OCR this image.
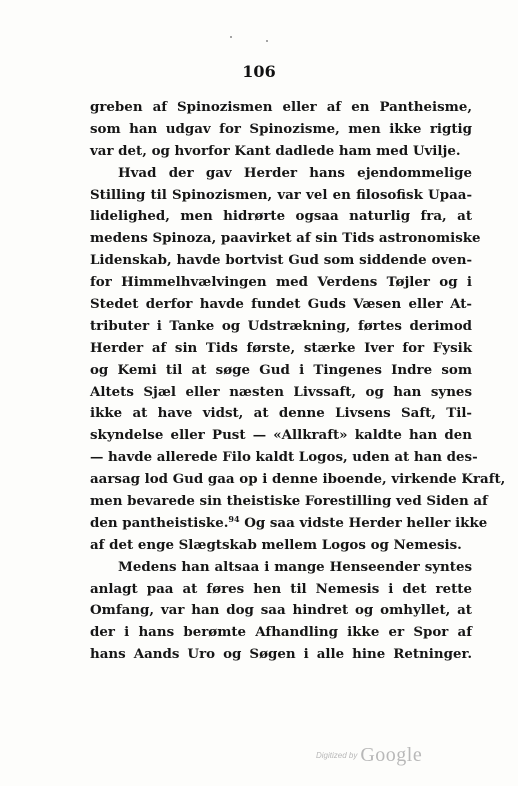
106
greben af Spinozismen eller af en Pantheisme,
som han udgav for Spinozisme, men ikke rigtig
var det, og hvorfor Kant dadlede ham med Uvilje.
Hvad der gav Herder hans ejendommelige
Stilling til Spinozismen, var vel en filosofisk Upaa-
lidelighed, men hidrørte ogsaa naturlig fra, at
medens Spinoza, paavirket af sin Tids astronomiske
Lidenskab, havde bortvist Gud som siddende oven-
for Himmelhvælvingen med Verdens Tøjler og i
Stedet derfor havde fundet Guds Væsen eller At-
tributer i Tanke og Udstrækning, førtes derimod
Herder af sin Tids første, stærke Iver for Fysik
og Kemi til at søge Gud i Tingenes Indre som
Altets Sjæl eller næsten Livssaft, og han synes
ikke at have vidst, at denne Livsens Saft, Til-
skyndelse eller Pust — «Allkraft» kaldte han den
— havde allerede Filo kaldt Logos, uden at han des-
aarsag lod Gud gaa op i denne iboende, virkende Kraft,
men bevarede sin theistiske Forestilling ved Siden af
den pantheistiske.$^{94}$ Og saa vidste Herder heller ikke
af det enge Slægtskab mellem Logos og Nemesis.
Medens han altsaa i mange Henseender syntes
anlagt paa at føres hen til Nemesis i det rette
Omfang, var han dog saa hindret og omhyllet, at
der i hans berømte Afhandling ikke er Spor af
hans Aands Uro og Søgen i alle hine Retninger.
Digitized by Google
